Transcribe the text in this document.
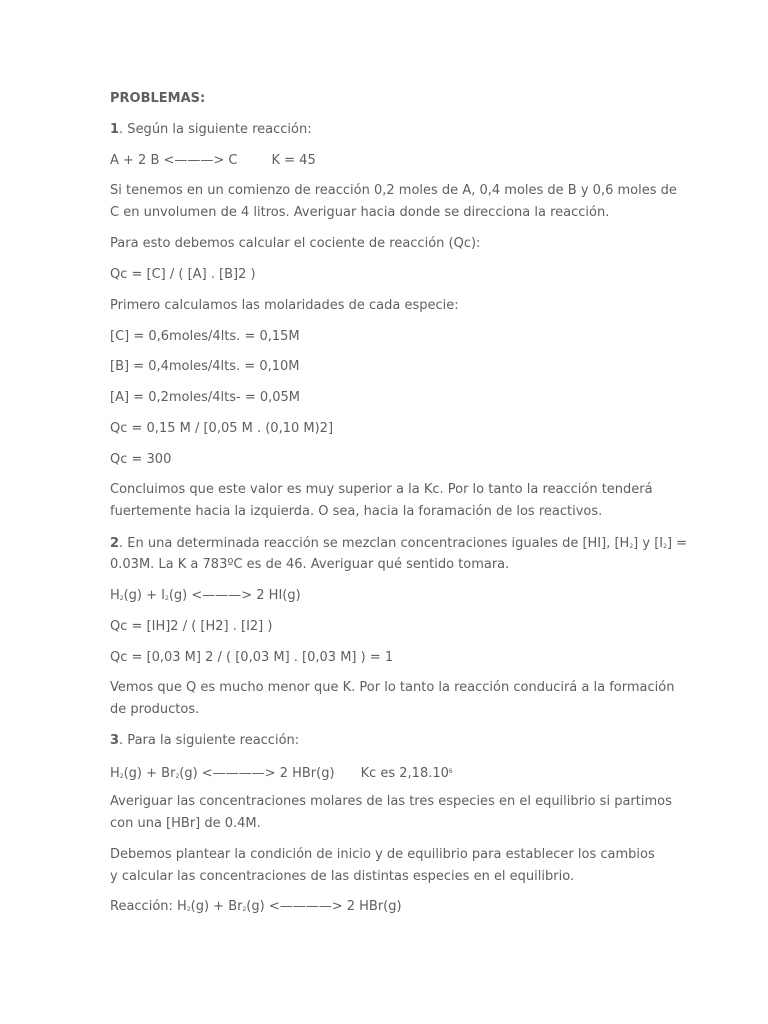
PROBLEMAS:
1. Según la siguiente reacción:
A + 2 B <———> C	K = 45
Si tenemos en un comienzo de reacción 0,2 moles de A, 0,4 moles de B y 0,6 moles de
C en unvolumen de 4 litros. Averiguar hacia donde se direcciona la reacción.
Para esto debemos calcular el cociente de reacción (Qc):
Qc = [C] / ( [A] . [B]2 )
Primero calculamos las molaridades de cada especie:
[C] = 0,6moles/4lts. = 0,15M
[B] = 0,4moles/4lts. = 0,10M
[A] = 0,2moles/4lts- = 0,05M
Qc = 0,15 M / [0,05 M . (0,10 M)2]
Qc = 300
Concluimos que este valor es muy superior a la Kc. Por lo tanto la reacción tenderá
fuertemente hacia la izquierda. O sea, hacia la foramación de los reactivos.
2. En una determinada reacción se mezclan concentraciones iguales de [HI], [H2] y [I2] =
0.03M. La K a 783ºC es de 46. Averiguar qué sentido tomara.
H2(g) + I2(g) <———> 2 HI(g)
Qc = [IH]2 / ( [H2] . [I2] )
Qc = [0,03 M] 2 / ( [0,03 M] . [0,03 M] ) = 1
Vemos que Q es mucho menor que K. Por lo tanto la reacción conducirá a la formación
de productos.
3. Para la siguiente reacción:
H2(g) + Br2(g) <————> 2 HBr(g) Kc es 2,18.10$^6$
Averiguar las concentraciones molares de las tres especies en el equilibrio si partimos
con una [HBr] de 0.4M.
Debemos plantear la condición de inicio y de equilibrio para establecer los cambios
y calcular las concentraciones de las distintas especies en el equilibrio.
Reacción: H2(g) + Br2(g) <————> 2 HBr(g)
